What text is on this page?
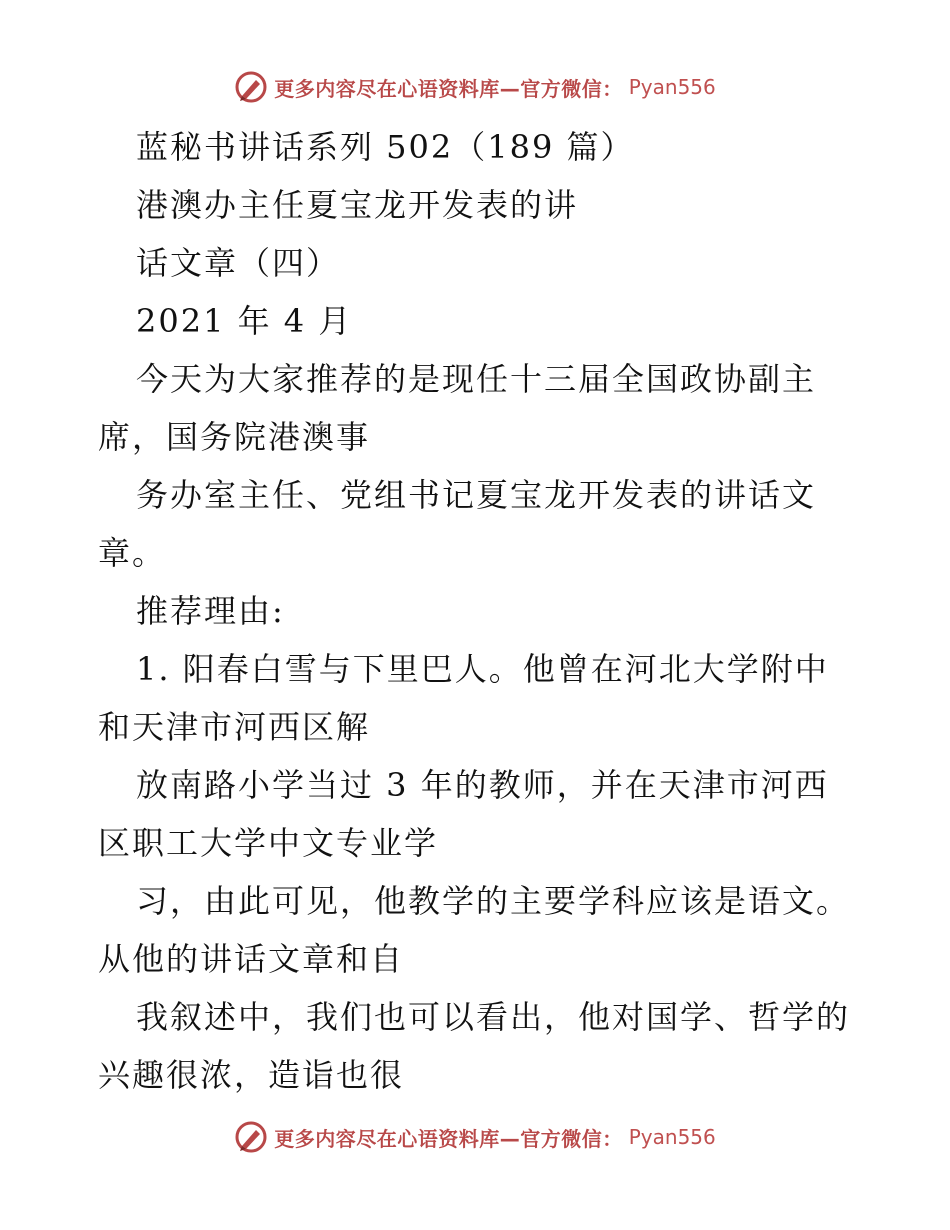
更多内容尽在心语资料库—官方微信： Pyan556
蓝秘书讲话系列 502（189 篇）
港澳办主任夏宝龙开发表的讲
话文章（四）
2021 年 4 月
今天为大家推荐的是现任十三届全国政协副主
席，国务院港澳事
务办室主任、党组书记夏宝龙开发表的讲话文
章。
推荐理由:
1. 阳春白雪与下里巴人。他曾在河北大学附中
和天津市河西区解
放南路小学当过 3 年的教师，并在天津市河西
区职工大学中文专业学
习，由此可见，他教学的主要学科应该是语文。
从他的讲话文章和自
我叙述中，我们也可以看出，他对国学、哲学的
兴趣很浓，造诣也很
更多内容尽在心语资料库—官方微信： Pyan556
